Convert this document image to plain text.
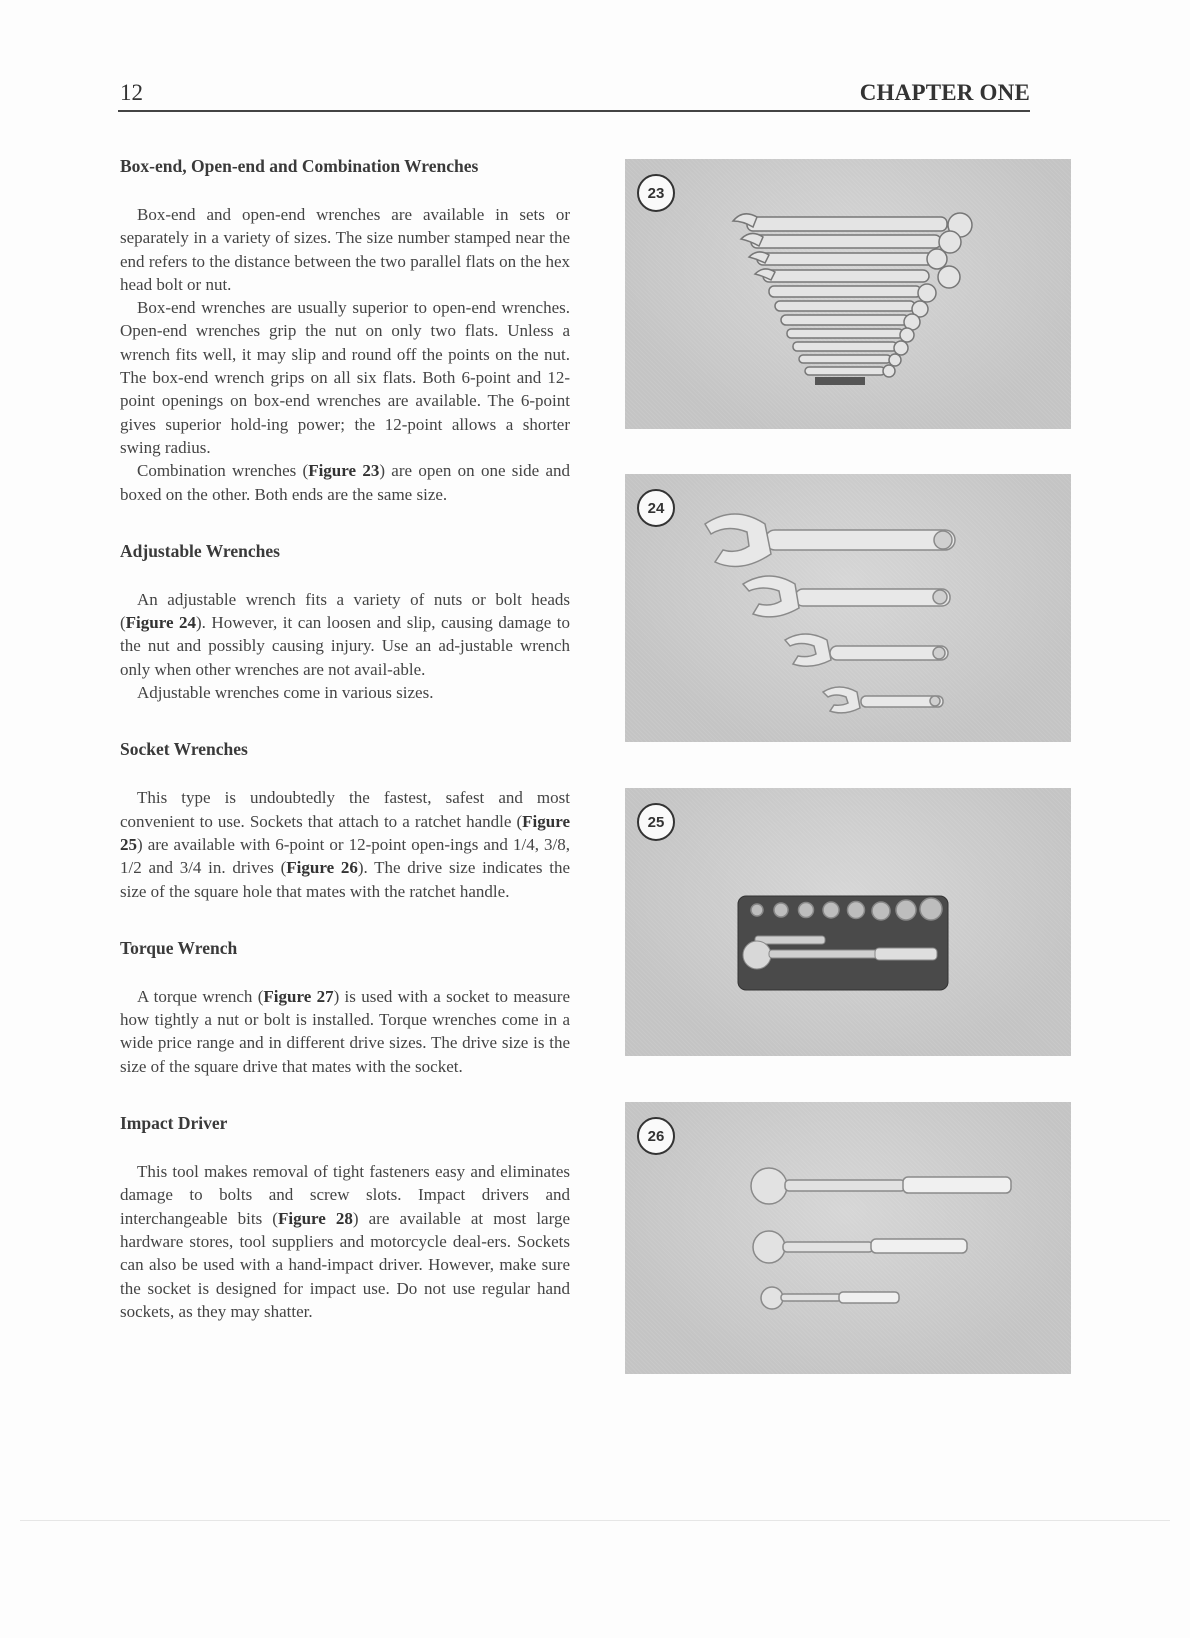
12	CHAPTER ONE
Box-end, Open-end and Combination Wrenches

Box-end and open-end wrenches are available in sets or separately in a variety of sizes. The size number stamped near the end refers to the distance between the two parallel flats on the hex head bolt or nut.

Box-end wrenches are usually superior to open-end wrenches. Open-end wrenches grip the nut on only two flats. Unless a wrench fits well, it may slip and round off the points on the nut. The box-end wrench grips on all six flats. Both 6-point and 12-point openings on box-end wrenches are available. The 6-point gives superior hold-ing power; the 12-point allows a shorter swing radius.

Combination wrenches (Figure 23) are open on one side and boxed on the other. Both ends are the same size.

Adjustable Wrenches

An adjustable wrench fits a variety of nuts or bolt heads (Figure 24). However, it can loosen and slip, causing damage to the nut and possibly causing injury. Use an ad-justable wrench only when other wrenches are not avail-able.

Adjustable wrenches come in various sizes.

Socket Wrenches

This type is undoubtedly the fastest, safest and most convenient to use. Sockets that attach to a ratchet handle (Figure 25) are available with 6-point or 12-point open-ings and 1/4, 3/8, 1/2 and 3/4 in. drives (Figure 26). The drive size indicates the size of the square hole that mates with the ratchet handle.

Torque Wrench

A torque wrench (Figure 27) is used with a socket to measure how tightly a nut or bolt is installed. Torque wrenches come in a wide price range and in different drive sizes. The drive size is the size of the square drive that mates with the socket.

Impact Driver

This tool makes removal of tight fasteners easy and eliminates damage to bolts and screw slots. Impact drivers and interchangeable bits (Figure 28) are available at most large hardware stores, tool suppliers and motorcycle deal-ers. Sockets can also be used with a hand-impact driver. However, make sure the socket is designed for impact use. Do not use regular hand sockets, as they may shatter.

23
24
25
26
